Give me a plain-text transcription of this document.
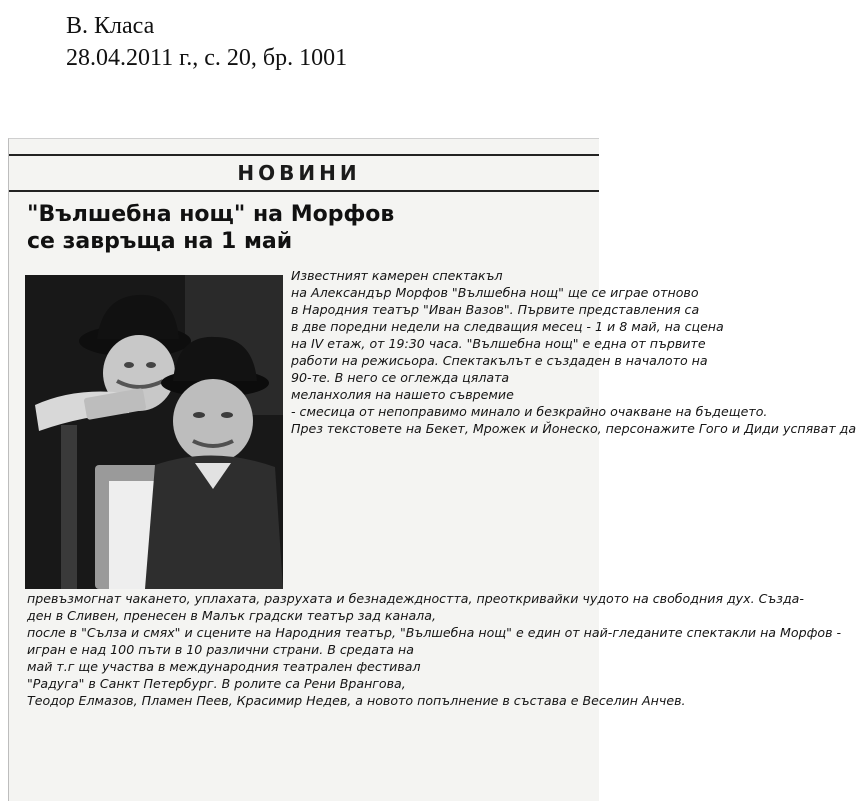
В. Класа
28.04.2011 г., с. 20, бр. 1001
НОВИНИ
"Вълшебна нощ" на Морфов
се завръща на 1 май
Известният камерен спектакъл
на Александър Морфов "Вълшебна нощ" ще се играе отново
в Народния театър "Иван Вазов". Първите представления са
в две поредни недели на следващия месец - 1 и 8 май, на сцена
на IV етаж, от 19:30 часа. "Вълшебна нощ" е една от първите
работи на режисьора. Спектакълът е създаден в началото на
90-те. В него се оглежда цялата
меланхолия на нашето съвремие
- смесица от непоправимо минало и безкрайно очакване на бъдещето.
През текстовете на Бекет, Мрожек и Йонеско, персонажите Гого и Диди успяват да
превъзмогнат чакането, уплахата, разрухата и безнадеждността, преоткривайки чудото на свободния дух. Създа-
ден в Сливен, пренесен в Малък градски театър зад канала,
после в "Сълза и смях" и сцените на Народния театър, "Вълшебна нощ" е един от най-гледаните спектакли на Морфов -
игран е над 100 пъти в 10 различни страни. В средата на
май т.г ще участва в международния театрален фестивал
"Радуга" в Санкт Петербург. В ролите са Рени Врангова,
Теодор Елмазов, Пламен Пеев, Красимир Недев, а новото попълнение в състава е Веселин Анчев.
